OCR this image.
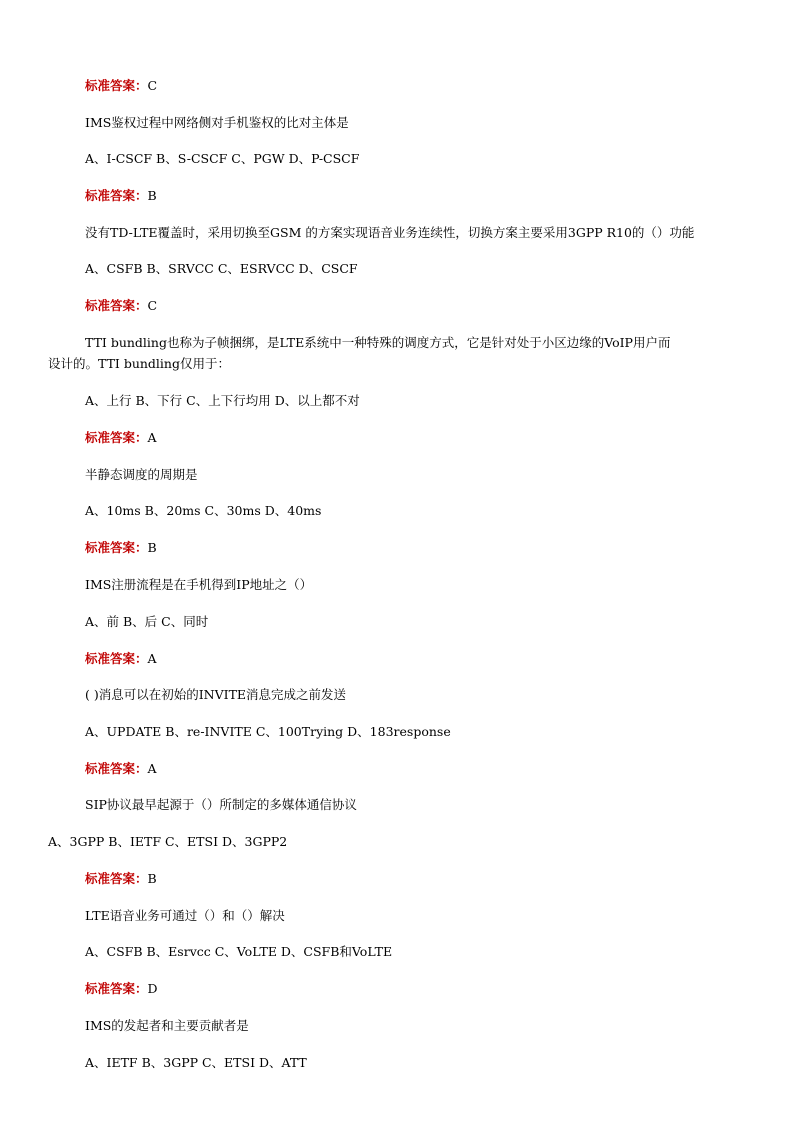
标准答案：C
IMS鉴权过程中网络侧对手机鉴权的比对主体是
A、I-CSCF B、S-CSCF C、PGW D、P-CSCF
标准答案：B
没有TD-LTE覆盖时，采用切换至GSM 的方案实现语音业务连续性，切换方案主要采用3GPP R10的（）功能
A、CSFB B、SRVCC C、ESRVCC D、CSCF
标准答案：C
TTI bundling也称为子帧捆绑，是LTE系统中一种特殊的调度方式，它是针对处于小区边缘的VoIP用户而
设计的。TTI bundling仅用于：
A、上行 B、下行 C、上下行均用 D、以上都不对
标准答案：A
半静态调度的周期是
A、10ms B、20ms C、30ms D、40ms
标准答案：B
IMS注册流程是在手机得到IP地址之（）
A、前 B、后 C、同时
标准答案：A
( )消息可以在初始的INVITE消息完成之前发送
A、UPDATE B、re-INVITE C、100Trying D、183response
标准答案：A
SIP协议最早起源于（）所制定的多媒体通信协议
A、3GPP B、IETF C、ETSI D、3GPP2
标准答案：B
LTE语音业务可通过（）和（）解决
A、CSFB B、Esrvcc C、VoLTE D、CSFB和VoLTE
标准答案：D
IMS的发起者和主要贡献者是
A、IETF B、3GPP C、ETSI D、ATT
